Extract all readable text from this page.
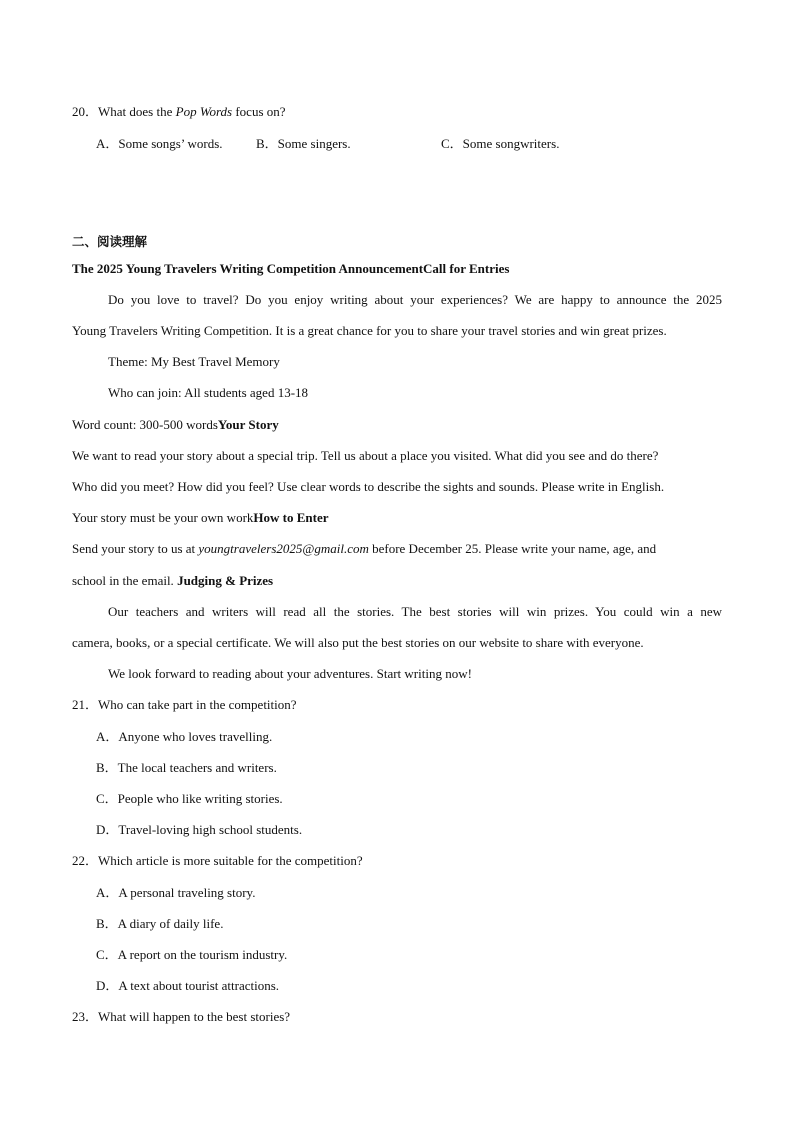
20．What does the Pop Words focus on?
A．Some songs’ words.	B．Some singers.	C．Some songwriters.
二、阅读理解
The 2025 Young Travelers Writing Competition AnnouncementCall for Entries
Do you love to travel? Do you enjoy writing about your experiences? We are happy to announce the 2025
Young Travelers Writing Competition. It is a great chance for you to share your travel stories and win great prizes.
Theme: My Best Travel Memory
Who can join: All students aged 13-18
Word count: 300-500 wordsYour Story
We want to read your story about a special trip. Tell us about a place you visited. What did you see and do there?
Who did you meet? How did you feel? Use clear words to describe the sights and sounds. Please write in English.
Your story must be your own workHow to Enter
Send your story to us at youngtravelers2025@gmail.com before December 25. Please write your name, age, and
school in the email. Judging & Prizes
Our teachers and writers will read all the stories. The best stories will win prizes. You could win a new
camera, books, or a special certificate. We will also put the best stories on our website to share with everyone.
We look forward to reading about your adventures. Start writing now!
21．Who can take part in the competition?
A．Anyone who loves travelling.
B．The local teachers and writers.
C．People who like writing stories.
D．Travel-loving high school students.
22．Which article is more suitable for the competition?
A．A personal traveling story.
B．A diary of daily life.
C．A report on the tourism industry.
D．A text about tourist attractions.
23．What will happen to the best stories?
